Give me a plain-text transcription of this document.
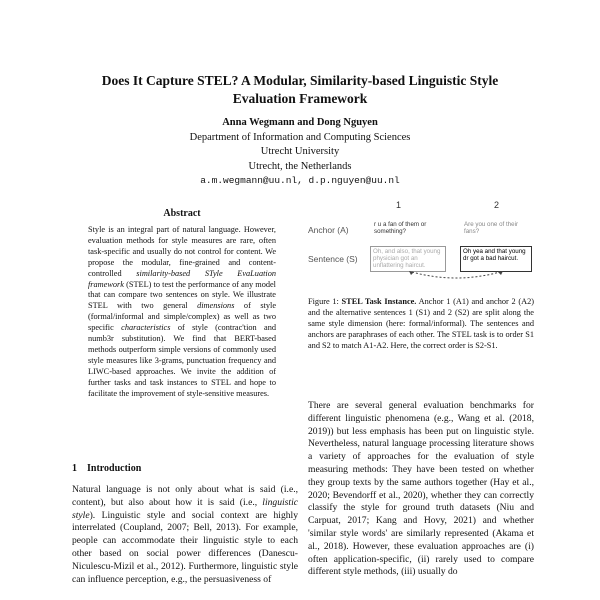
Does It Capture STEL? A Modular, Similarity-based Linguistic Style
Evaluation Framework
Anna Wegmann and Dong Nguyen
Department of Information and Computing Sciences
Utrecht University
Utrecht, the Netherlands
a.m.wegmann@uu.nl, d.p.nguyen@uu.nl
Abstract
Style is an integral part of natural language. However, evaluation methods for style measures are rare, often task-specific and usually do not control for content. We propose the modular, fine-grained and content-controlled similarity-based STyle EvaLuation framework (STEL) to test the performance of any model that can compare two sentences on style. We illustrate STEL with two general dimensions of style (formal/informal and simple/complex) as well as two specific characteristics of style (contrac'tion and numb3r substitution). We find that BERT-based methods outperform simple versions of commonly used style measures like 3-grams, punctuation frequency and LIWC-based approaches. We invite the addition of further tasks and task instances to STEL and hope to facilitate the improvement of style-sensitive measures.
1 Introduction
Natural language is not only about what is said (i.e., content), but also about how it is said (i.e., linguistic style). Linguistic style and social context are highly interrelated (Coupland, 2007; Bell, 2013). For example, people can accommodate their linguistic style to each other based on social power differences (Danescu-Niculescu-Mizil et al., 2012). Furthermore, linguistic style can influence perception, e.g., the persuasiveness of
1	2
Anchor (A)
Sentence (S)
r u a fan of them or something?
Are you one of their fans?
Oh, and also, that young physician got an unflattering haircut.
Oh yea and that young dr got a bad haircut.
Figure 1: STEL Task Instance. Anchor 1 (A1) and anchor 2 (A2) and the alternative sentences 1 (S1) and 2 (S2) are split along the same style dimension (here: formal/informal). The sentences and anchors are paraphrases of each other. The STEL task is to order S1 and S2 to match A1-A2. Here, the correct order is S2-S1.
There are several general evaluation benchmarks for different linguistic phenomena (e.g., Wang et al. (2018, 2019)) but less emphasis has been put on linguistic style. Nevertheless, natural language processing literature shows a variety of approaches for the evaluation of style measuring methods: They have been tested on whether they group texts by the same authors together (Hay et al., 2020; Bevendorff et al., 2020), whether they can correctly classify the style for ground truth datasets (Niu and Carpuat, 2017; Kang and Hovy, 2021) and whether 'similar style words' are similarly represented (Akama et al., 2018). However, these evaluation approaches are (i) often application-specific, (ii) rarely used to compare different style methods, (iii) usually do
